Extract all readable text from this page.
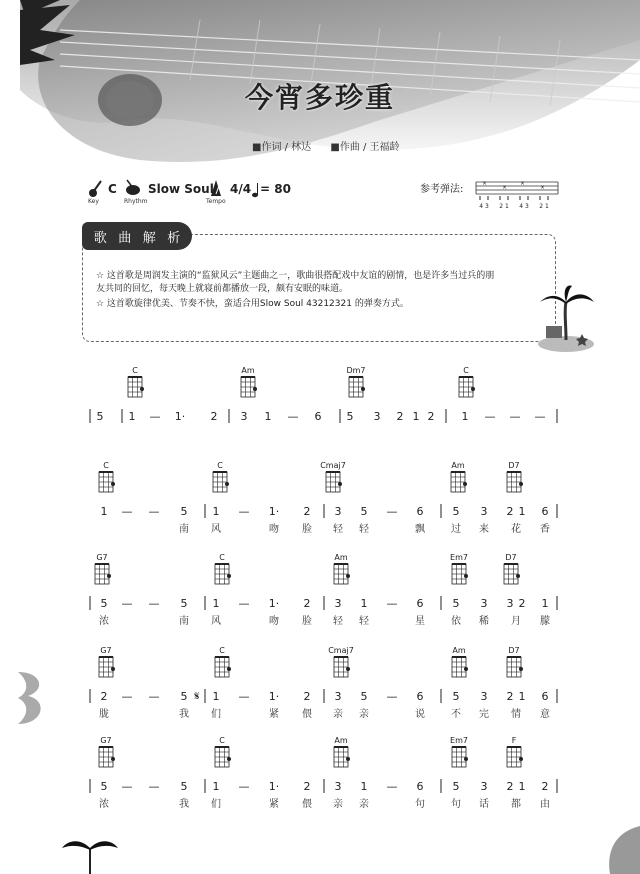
今宵多珍重
■作词 / 林达 ■作曲 / 王福龄
Key
C
Rhythm
Slow Soul
Tempo
4/4 = 80	参考弹法:
×
×
×
×
4 3 2 1 4 3 2 1
歌 曲 解 析
☆ 这首歌是周润发主演的“监狱风云”主题曲之一，歌曲很搭配戏中友谊的剧情，也是许多当过兵的朋
友共同的回忆，每天晚上就寝前都播放一段，颇有安眠的味道。
☆ 这首歌旋律优美、节奏不快，蛮适合用Slow Soul 43212321 的弹奏方式。
C	Am	Dm7	C
5 1 — 1· 2 3 1 — 6 5 3 2 1 2 1 — — —
C	C	Cmaj7	Am	D7
1 — — 5 1 — 1· 2 3 5 — 6	5 3 2 1 6
南 风	吻 脸 轻 轻	飘	过 来 花 香
G7	C	Am	Em7	D7
5 — — 5 1 — 1· 2 3 1 — 6	5 3 3 2 1
浓	南 风	吻 脸 轻 轻	星	依 稀 月 朦
G7	C	Cmaj7	Am	D7
2 — — 5 1 — 1· 2 3 5 — 6	5 3 2 1 6
胧	我 们	紧 偎 亲 亲	说	不 完 情 意
𝄋
G7	C	Am	Em7	F
5 — — 5 1 — 1· 2 3 1 — 6	5 3 2 1 2
浓	我 们	紧 偎 亲 亲	句	句 话 都 由
